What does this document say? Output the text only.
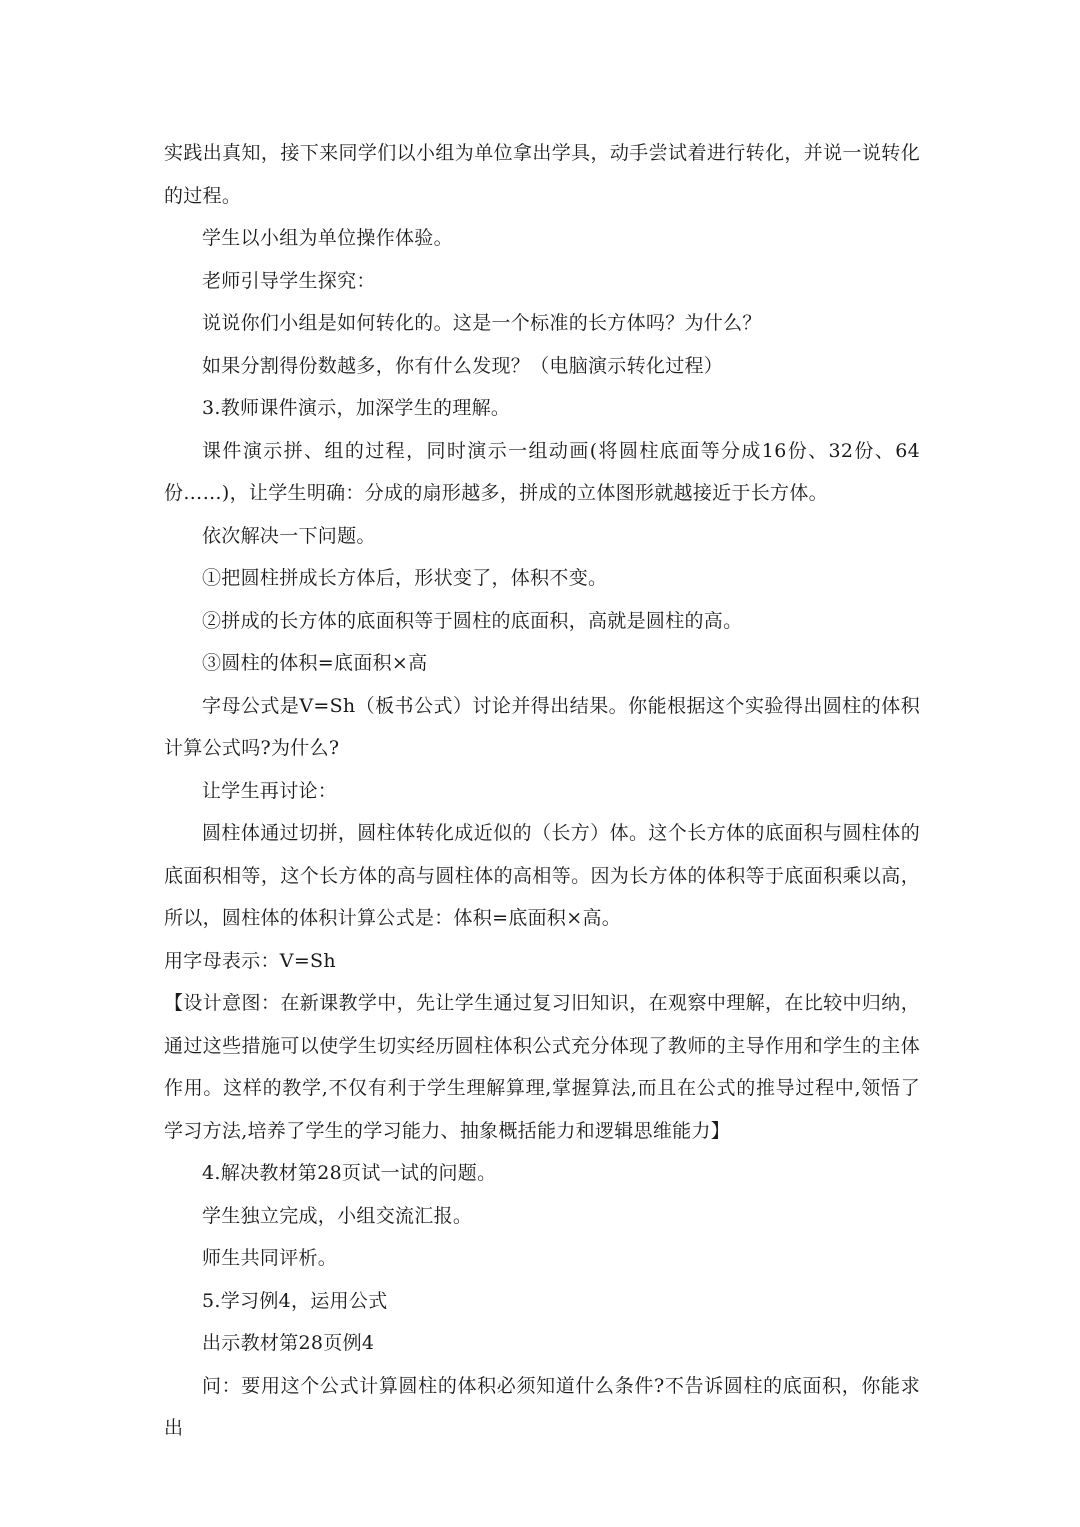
实践出真知，接下来同学们以小组为单位拿出学具，动手尝试着进行转化，并说一说转化的过程。

学生以小组为单位操作体验。

老师引导学生探究：

说说你们小组是如何转化的。这是一个标准的长方体吗？为什么？

如果分割得份数越多，你有什么发现？（电脑演示转化过程）

3.教师课件演示，加深学生的理解。

课件演示拼、组的过程，同时演示一组动画(将圆柱底面等分成16份、32份、64份……)，让学生明确：分成的扇形越多，拼成的立体图形就越接近于长方体。

依次解决一下问题。

①把圆柱拼成长方体后，形状变了，体积不变。

②拼成的长方体的底面积等于圆柱的底面积，高就是圆柱的高。

③圆柱的体积=底面积×高

字母公式是V=Sh（板书公式）讨论并得出结果。你能根据这个实验得出圆柱的体积计算公式吗?为什么?

让学生再讨论：

圆柱体通过切拼，圆柱体转化成近似的（长方）体。这个长方体的底面积与圆柱体的底面积相等，这个长方体的高与圆柱体的高相等。因为长方体的体积等于底面积乘以高，所以，圆柱体的体积计算公式是：体积=底面积×高。

用字母表示：V=Sh

【设计意图：在新课教学中，先让学生通过复习旧知识，在观察中理解，在比较中归纳，通过这些措施可以使学生切实经历圆柱体积公式充分体现了教师的主导作用和学生的主体作用。这样的教学,不仅有利于学生理解算理,掌握算法,而且在公式的推导过程中,领悟了学习方法,培养了学生的学习能力、抽象概括能力和逻辑思维能力】

4.解决教材第28页试一试的问题。

学生独立完成，小组交流汇报。

师生共同评析。

5.学习例4，运用公式

出示教材第28页例4

问：要用这个公式计算圆柱的体积必须知道什么条件?不告诉圆柱的底面积，你能求出
